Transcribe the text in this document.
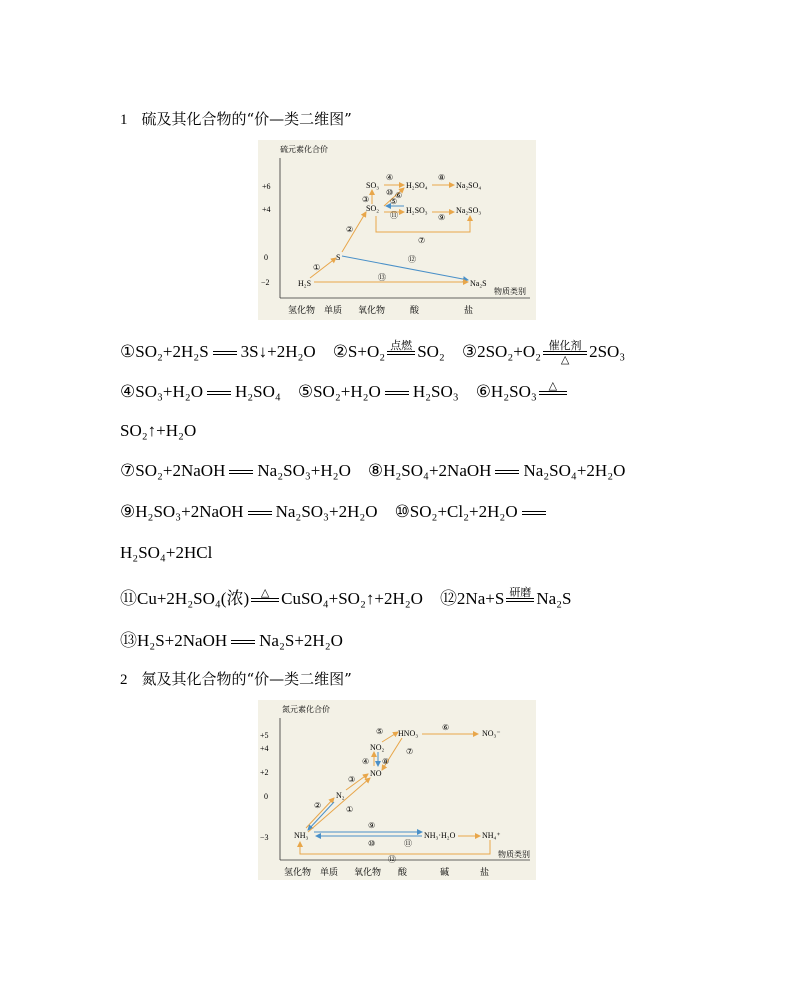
1 硫及其化合物的“价—类二维图”
硫元素化合价
+6
+4
0
−2
物质类别
氢化物 单质 氧化物	酸	盐
SO₃
SO₂
H₂SO₄
H₂SO₃
Na₂SO₄
Na₂SO₃
S
H₂S	Na₂S
①
②
③
④
⑤
⑥
⑦
⑧
⑨
⑩
⑪
⑫
⑬
①SO₂+2H₂S 3S↓+2H₂O ②S+O₂ 点燃 SO₂ ③2SO₂+O₂ 催化剂
△	2SO₃
④SO₃+H₂O H₂SO₄ ⑤SO₂+H₂O H₂SO₃ ⑥H₂SO₃	△
SO₂↑+H₂O
⑦SO₂+2NaOH Na₂SO₃+H₂O ⑧H₂SO₄+2NaOH Na₂SO₄+2H₂O
⑨H₂SO₃+2NaOH Na₂SO₃+2H₂O ⑩SO₂+Cl₂+2H₂O
H₂SO₄+2HCl
⑪Cu+2H₂SO₄(浓)	△ CuSO₄+SO₂↑+2H₂O ⑫2Na+S 研磨 Na₂S
⑬H₂S+2NaOH Na₂S+2H₂O
2 氮及其化合物的“价—类二维图”
氮元素化合价
+5
+4
+2
0
−3
物质类别
氢化物 单质 氧化物 酸	碱	盐
HNO₃	NO₃⁻
NO₂
NO
N₂
NH₃	NH₃·H₂O	NH₄⁺
①
②
③
④
⑤	⑥
⑦
⑧
⑨
⑩	⑪
⑫
